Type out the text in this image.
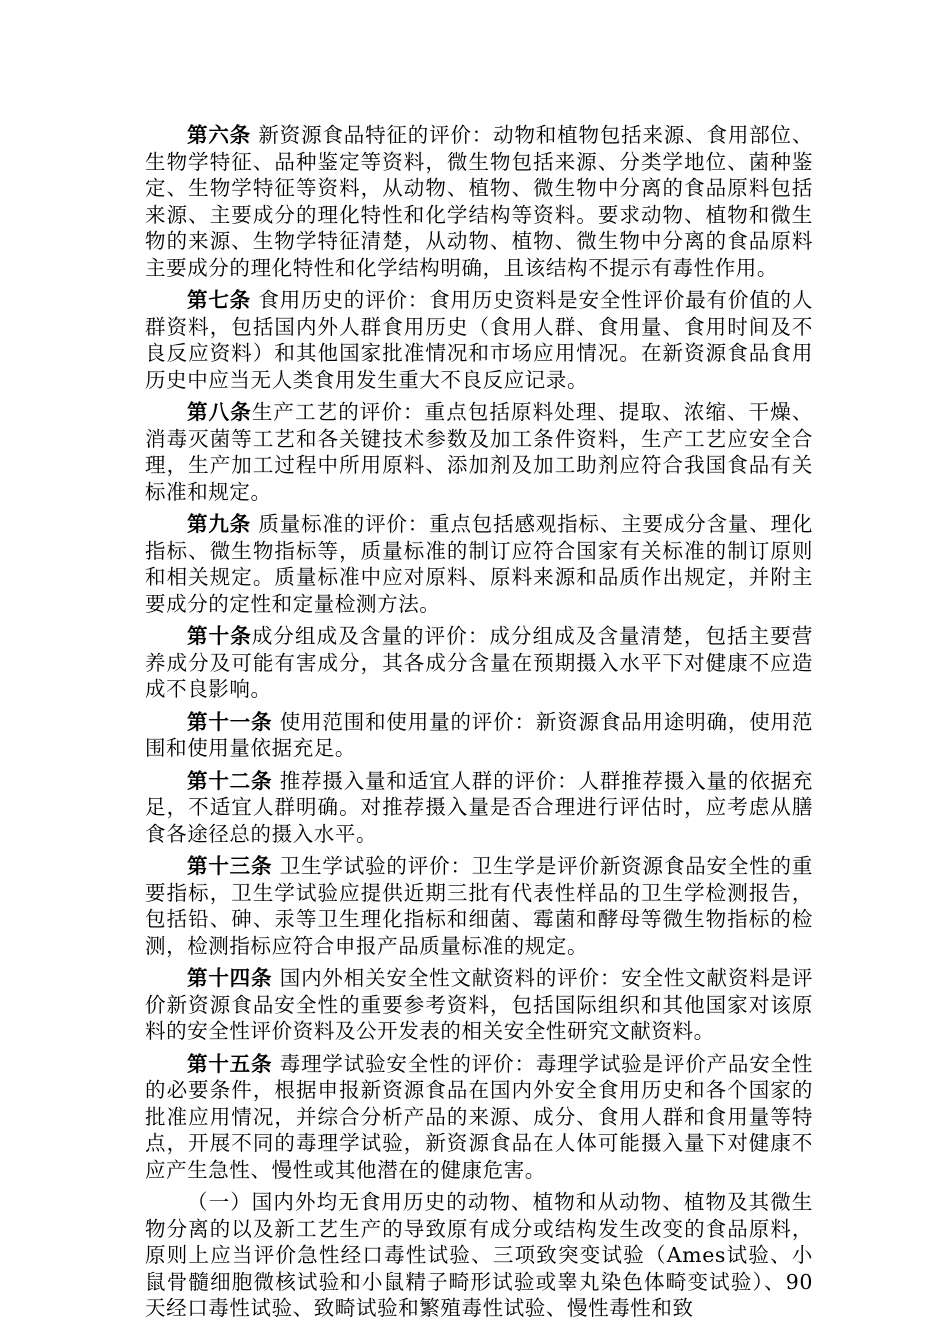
第六条 新资源食品特征的评价：动物和植物包括来源、食用部位、生物学特征、品种鉴定等资料，微生物包括来源、分类学地位、菌种鉴定、生物学特征等资料，从动物、植物、微生物中分离的食品原料包括来源、主要成分的理化特性和化学结构等资料。要求动物、植物和微生物的来源、生物学特征清楚，从动物、植物、微生物中分离的食品原料主要成分的理化特性和化学结构明确，且该结构不提示有毒性作用。

第七条 食用历史的评价：食用历史资料是安全性评价最有价值的人群资料，包括国内外人群食用历史（食用人群、食用量、食用时间及不良反应资料）和其他国家批准情况和市场应用情况。在新资源食品食用历史中应当无人类食用发生重大不良反应记录。

第八条生产工艺的评价：重点包括原料处理、提取、浓缩、干燥、消毒灭菌等工艺和各关键技术参数及加工条件资料，生产工艺应安全合理，生产加工过程中所用原料、添加剂及加工助剂应符合我国食品有关标准和规定。

第九条 质量标准的评价：重点包括感观指标、主要成分含量、理化指标、微生物指标等，质量标准的制订应符合国家有关标准的制订原则和相关规定。质量标准中应对原料、原料来源和品质作出规定，并附主要成分的定性和定量检测方法。

第十条成分组成及含量的评价：成分组成及含量清楚，包括主要营养成分及可能有害成分，其各成分含量在预期摄入水平下对健康不应造成不良影响。

第十一条 使用范围和使用量的评价：新资源食品用途明确，使用范围和使用量依据充足。

第十二条 推荐摄入量和适宜人群的评价：人群推荐摄入量的依据充足，不适宜人群明确。对推荐摄入量是否合理进行评估时，应考虑从膳食各途径总的摄入水平。

第十三条 卫生学试验的评价：卫生学是评价新资源食品安全性的重要指标，卫生学试验应提供近期三批有代表性样品的卫生学检测报告，包括铅、砷、汞等卫生理化指标和细菌、霉菌和酵母等微生物指标的检测，检测指标应符合申报产品质量标准的规定。

第十四条 国内外相关安全性文献资料的评价：安全性文献资料是评价新资源食品安全性的重要参考资料，包括国际组织和其他国家对该原料的安全性评价资料及公开发表的相关安全性研究文献资料。

第十五条 毒理学试验安全性的评价：毒理学试验是评价产品安全性的必要条件，根据申报新资源食品在国内外安全食用历史和各个国家的批准应用情况，并综合分析产品的来源、成分、食用人群和食用量等特点，开展不同的毒理学试验，新资源食品在人体可能摄入量下对健康不应产生急性、慢性或其他潜在的健康危害。

（一）国内外均无食用历史的动物、植物和从动物、植物及其微生物分离的以及新工艺生产的导致原有成分或结构发生改变的食品原料，原则上应当评价急性经口毒性试验、三项致突变试验（Ames试验、小鼠骨髓细胞微核试验和小鼠精子畸形试验或睾丸染色体畸变试验）、90天经口毒性试验、致畸试验和繁殖毒性试验、慢性毒性和致
